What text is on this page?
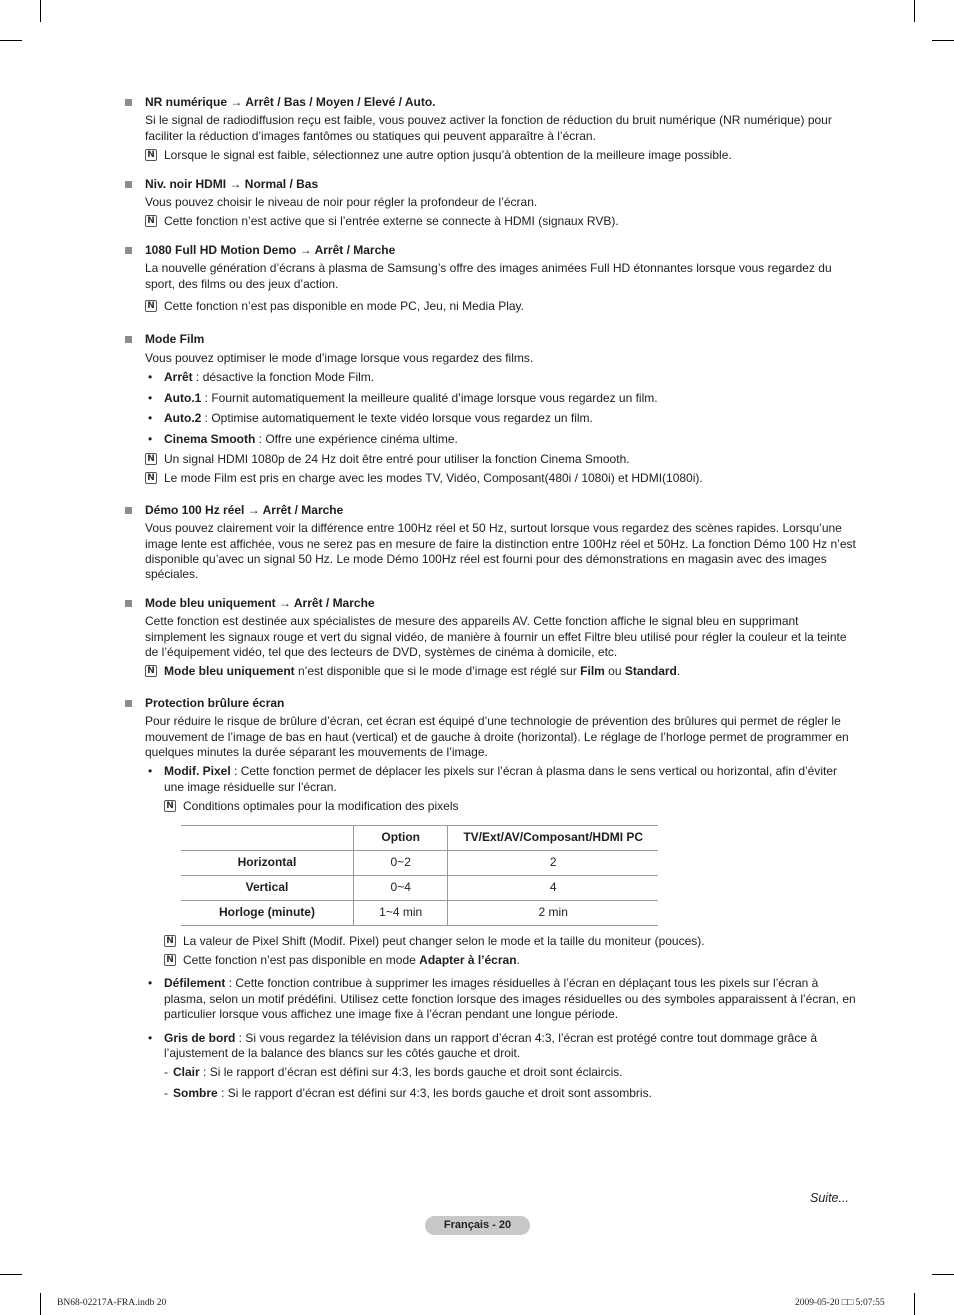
NR numérique → Arrêt / Bas / Moyen / Elevé / Auto.
Si le signal de radiodiffusion reçu est faible, vous pouvez activer la fonction de réduction du bruit numérique (NR numérique) pour faciliter la réduction d’images fantômes ou statiques qui peuvent apparaître à l’écran.
N Lorsque le signal est faible, sélectionnez une autre option jusqu’à obtention de la meilleure image possible.
Niv. noir HDMI → Normal / Bas
Vous pouvez choisir le niveau de noir pour régler la profondeur de l’écran.
N Cette fonction n’est active que si l’entrée externe se connecte à HDMI (signaux RVB).
1080 Full HD Motion Demo → Arrêt / Marche
La nouvelle génération d’écrans à plasma de Samsung’s offre des images animées Full HD étonnantes lorsque vous regardez du sport, des films ou des jeux d’action.
N Cette fonction n’est pas disponible en mode PC, Jeu, ni Media Play.
Mode Film
Vous pouvez optimiser le mode d’image lorsque vous regardez des films.
• Arrêt : désactive la fonction Mode Film.
• Auto.1 : Fournit automatiquement la meilleure qualité d’image lorsque vous regardez un film.
• Auto.2 : Optimise automatiquement le texte vidéo lorsque vous regardez un film.
• Cinema Smooth : Offre une expérience cinéma ultime.
N Un signal HDMI 1080p de 24 Hz doit être entré pour utiliser la fonction Cinema Smooth.
N Le mode Film est pris en charge avec les modes TV, Vidéo, Composant(480i / 1080i) et HDMI(1080i).
Démo 100 Hz réel → Arrêt / Marche
Vous pouvez clairement voir la différence entre 100Hz réel et 50 Hz, surtout lorsque vous regardez des scènes rapides. Lorsqu’une image lente est affichée, vous ne serez pas en mesure de faire la distinction entre 100Hz réel et 50Hz. La fonction Démo 100 Hz n’est disponible qu’avec un signal 50 Hz. Le mode Démo 100Hz réel est fourni pour des démonstrations en magasin avec des images spéciales.
Mode bleu uniquement → Arrêt / Marche
Cette fonction est destinée aux spécialistes de mesure des appareils AV. Cette fonction affiche le signal bleu en supprimant simplement les signaux rouge et vert du signal vidéo, de manière à fournir un effet Filtre bleu utilisé pour régler la couleur et la teinte de l’équipement vidéo, tel que des lecteurs de DVD, systèmes de cinéma à domicile, etc.
N Mode bleu uniquement n’est disponible que si le mode d’image est réglé sur Film ou Standard.
Protection brûlure écran
Pour réduire le risque de brûlure d’écran, cet écran est équipé d’une technologie de prévention des brûlures qui permet de régler le mouvement de l’image de bas en haut (vertical) et de gauche à droite (horizontal). Le réglage de l’horloge permet de programmer en quelques minutes la durée séparant les mouvements de l’image.
• Modif. Pixel : Cette fonction permet de déplacer les pixels sur l’écran à plasma dans le sens vertical ou horizontal, afin d’éviter une image résiduelle sur l’écran.
N Conditions optimales pour la modification des pixels
	Option	TV/Ext/AV/Composant/HDMI PC
Horizontal	0~2	2
Vertical	0~4	4
Horloge (minute)	1~4 min	2 min
N La valeur de Pixel Shift (Modif. Pixel) peut changer selon le mode et la taille du moniteur (pouces).
N Cette fonction n’est pas disponible en mode Adapter à l’écran.
• Défilement : Cette fonction contribue à supprimer les images résiduelles à l’écran en déplaçant tous les pixels sur l’écran à plasma, selon un motif prédéfini. Utilisez cette fonction lorsque des images résiduelles ou des symboles apparaissent à l’écran, en particulier lorsque vous affichez une image fixe à l’écran pendant une longue période.
• Gris de bord : Si vous regardez la télévision dans un rapport d’écran 4:3, l’écran est protégé contre tout dommage grâce à l’ajustement de la balance des blancs sur les côtés gauche et droit.
- Clair : Si le rapport d’écran est défini sur 4:3, les bords gauche et droit sont éclaircis.
- Sombre : Si le rapport d’écran est défini sur 4:3, les bords gauche et droit sont assombris.
Suite...
Français - 20
BN68-02217A-FRA.indb 20	2009-05-20 □□ 5:07:55
